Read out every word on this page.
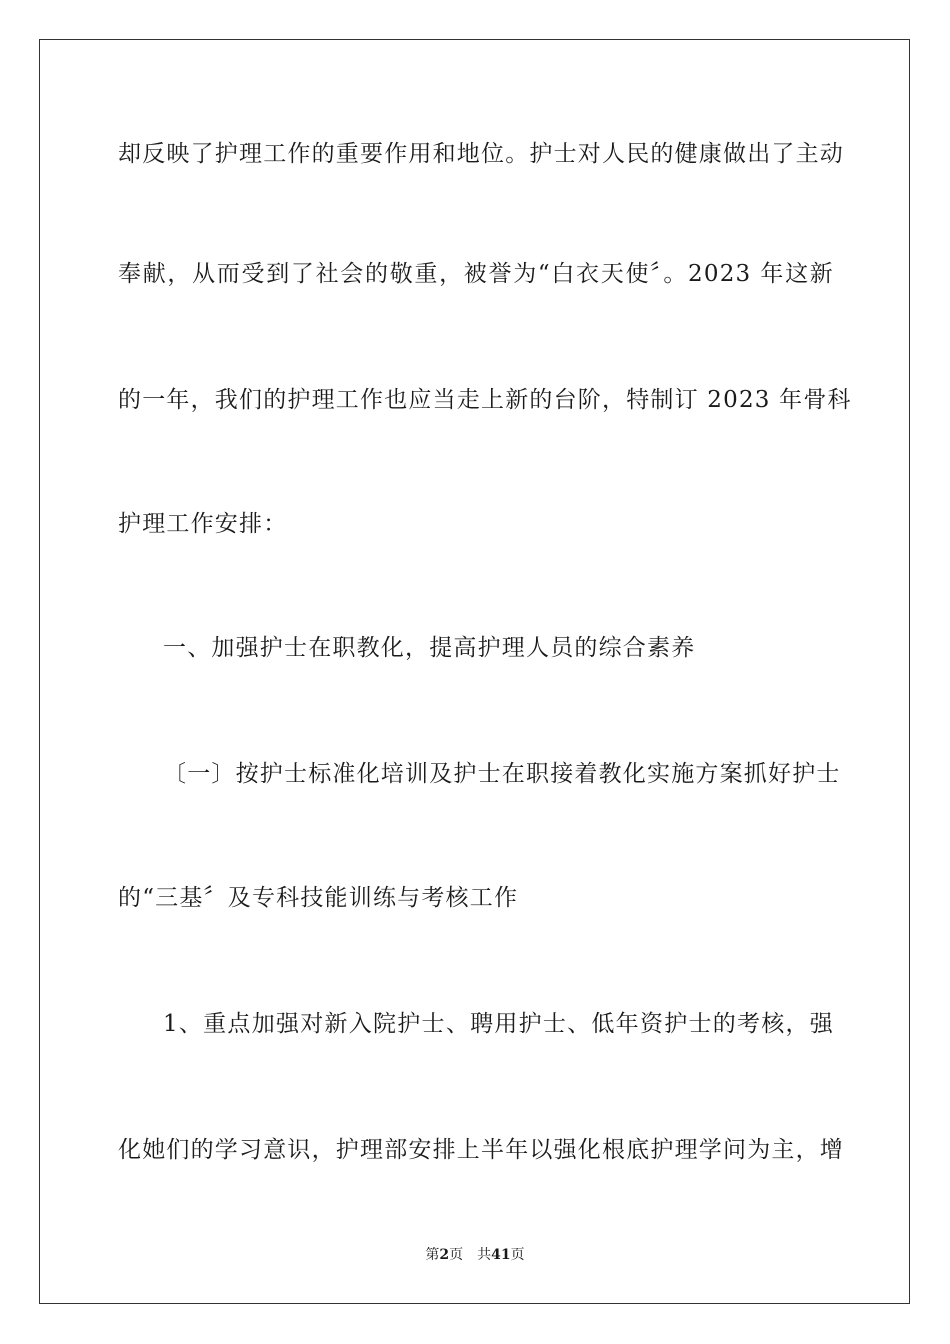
却反映了护理工作的重要作用和地位。护士对人民的健康做出了主动
奉献，从而受到了社会的敬重，被誉为“白衣天使〞。2023 年这新
的一年，我们的护理工作也应当走上新的台阶，特制订 2023 年骨科
护理工作安排：
一、加强护士在职教化，提高护理人员的综合素养
〔一〕按护士标准化培训及护士在职接着教化实施方案抓好护士
的“三基〞及专科技能训练与考核工作
1、重点加强对新入院护士、聘用护士、低年资护士的考核，强
化她们的学习意识，护理部安排上半年以强化根底护理学问为主，增
第2页 共41页
